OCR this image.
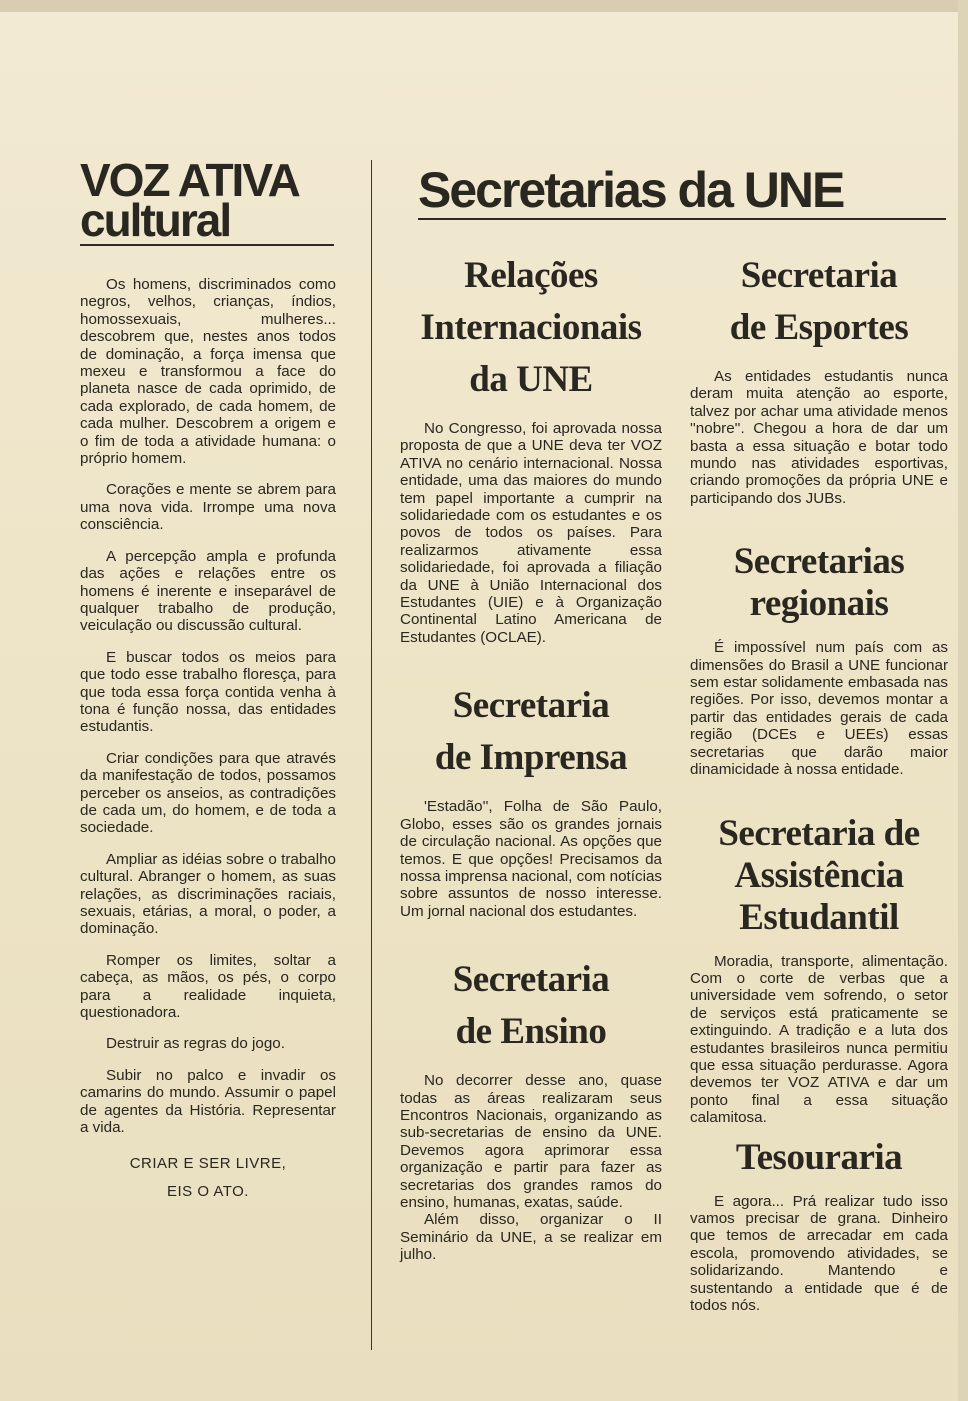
VOZ ATIVA
cultural

Os homens, discriminados como negros, velhos, crianças, índios, homossexuais, mulheres... descobrem que, nestes anos todos de dominação, a força imensa que mexeu e transformou a face do planeta nasce de cada oprimido, de cada explorado, de cada homem, de cada mulher. Descobrem a origem e o fim de toda a atividade humana: o próprio homem.

Corações e mente se abrem para uma nova vida. Irrompe uma nova consciência.

A percepção ampla e profunda das ações e relações entre os homens é inerente e inseparável de qualquer trabalho de produção, veiculação ou discussão cultural.

E buscar todos os meios para que todo esse trabalho floresça, para que toda essa força contida venha à tona é função nossa, das entidades estudantis.

Criar condições para que através da manifestação de todos, possamos perceber os anseios, as contradições de cada um, do homem, e de toda a sociedade.

Ampliar as idéias sobre o trabalho cultural. Abranger o homem, as suas relações, as discriminações raciais, sexuais, etárias, a moral, o poder, a dominação.

Romper os limites, soltar a cabeça, as mãos, os pés, o corpo para a realidade inquieta, questionadora.

Destruir as regras do jogo.

Subir no palco e invadir os camarins do mundo. Assumir o papel de agentes da História. Representar a vida.

CRIAR E SER LIVRE,

EIS O ATO.

Secretarias da UNE
Relações
Internacionais
da UNE

No Congresso, foi aprovada nossa proposta de que a UNE deva ter VOZ ATIVA no cenário internacional. Nossa entidade, uma das maiores do mundo tem papel importante a cumprir na solidariedade com os estudantes e os povos de todos os países. Para realizarmos ativamente essa solidariedade, foi aprovada a filiação da UNE à União Internacional dos Estudantes (UIE) e à Organização Continental Latino Americana de Estudantes (OCLAE).

Secretaria
de Imprensa

'Estadão'', Folha de São Paulo, Globo, esses são os grandes jornais de circulação nacional. As opções que temos. E que opções! Precisamos da nossa imprensa nacional, com notícias sobre assuntos de nosso interesse. Um jornal nacional dos estudantes.

Secretaria
de Ensino

No decorrer desse ano, quase todas as áreas realizaram seus Encontros Nacionais, organizando as sub-secretarias de ensino da UNE. Devemos agora aprimorar essa organização e partir para fazer as secretarias dos grandes ramos do ensino, humanas, exatas, saúde.

Além disso, organizar o II Seminário da UNE, a se realizar em julho.

Secretaria
de Esportes

As entidades estudantis nunca deram muita atenção ao esporte, talvez por achar uma atividade menos ''nobre''. Chegou a hora de dar um basta a essa situação e botar todo mundo nas atividades esportivas, criando promoções da própria UNE e participando dos JUBs.

Secretarias
regionais

É impossível num país com as dimensões do Brasil a UNE funcionar sem estar solidamente embasada nas regiões. Por isso, devemos montar a partir das entidades gerais de cada região (DCEs e UEEs) essas secretarias que darão maior dinamicidade à nossa entidade.

Secretaria de
Assistência
Estudantil

Moradia, transporte, alimentação. Com o corte de verbas que a universidade vem sofrendo, o setor de serviços está praticamente se extinguindo. A tradição e a luta dos estudantes brasileiros nunca permitiu que essa situação perdurasse. Agora devemos ter VOZ ATIVA e dar um ponto final a essa situação calamitosa.

Tesouraria

E agora... Prá realizar tudo isso vamos precisar de grana. Dinheiro que temos de arrecadar em cada escola, promovendo atividades, se solidarizando. Mantendo e sustentando a entidade que é de todos nós.
